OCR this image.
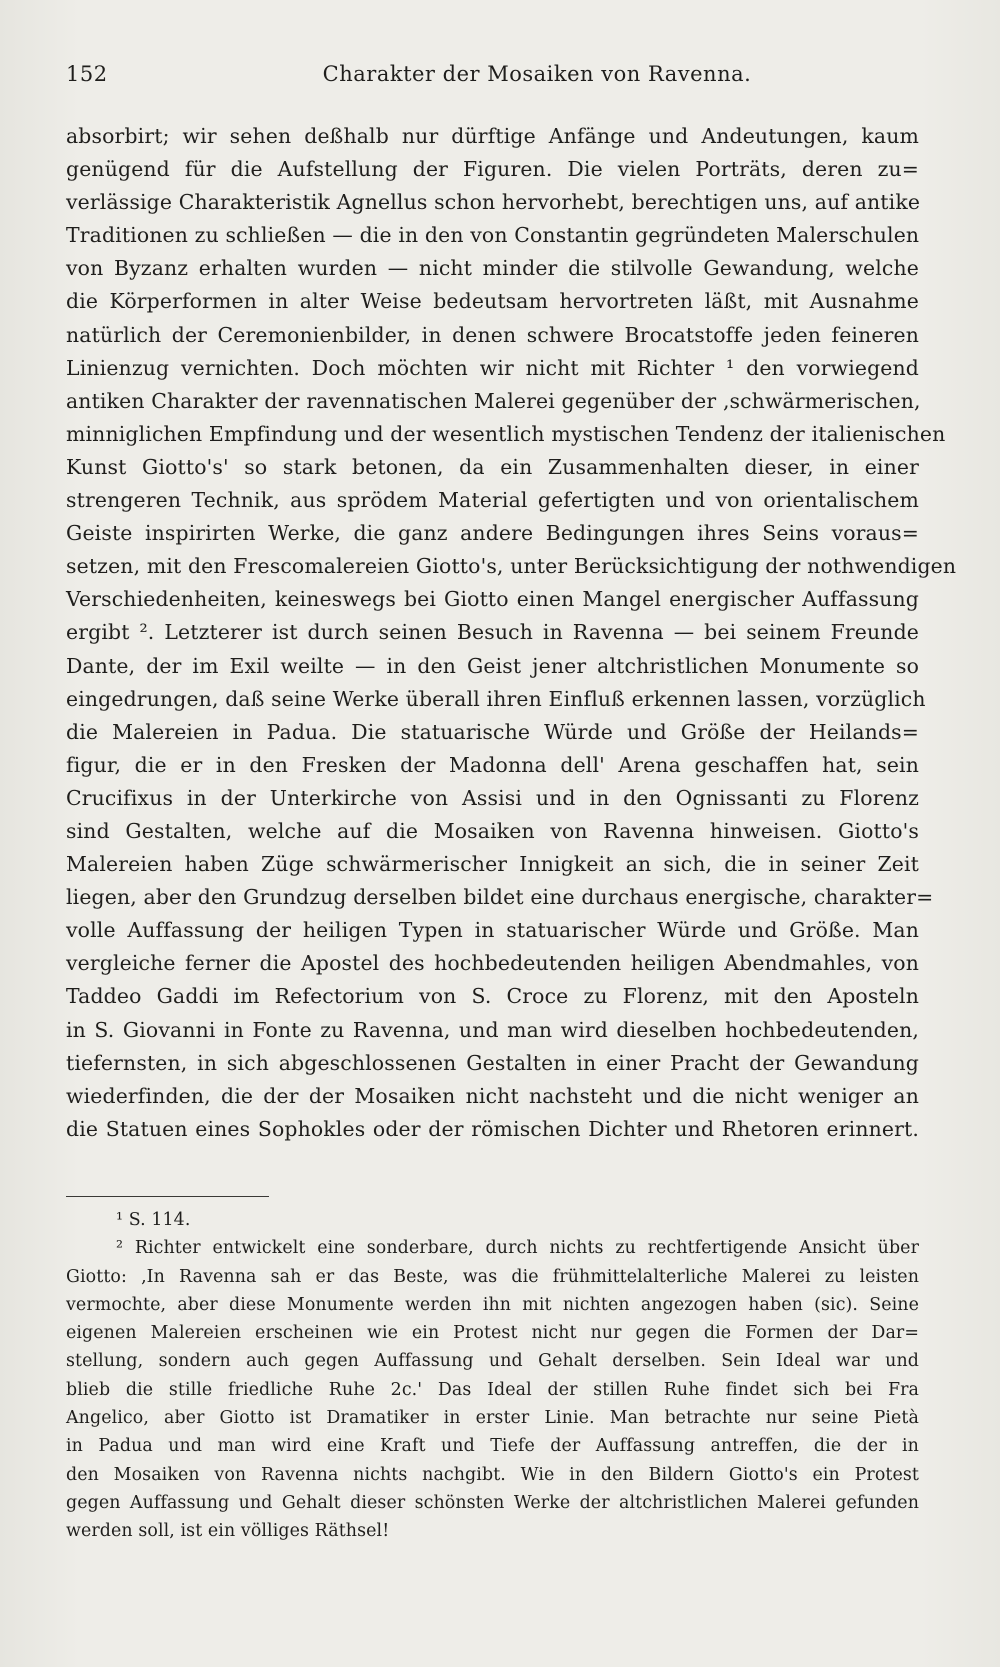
152	Charakter der Mosaiken von Ravenna.
absorbirt; wir sehen deßhalb nur dürftige Anfänge und Andeutungen, kaum
genügend für die Aufstellung der Figuren. Die vielen Porträts, deren zu=
verlässige Charakteristik Agnellus schon hervorhebt, berechtigen uns, auf antike
Traditionen zu schließen — die in den von Constantin gegründeten Malerschulen
von Byzanz erhalten wurden — nicht minder die stilvolle Gewandung, welche
die Körperformen in alter Weise bedeutsam hervortreten läßt, mit Ausnahme
natürlich der Ceremonienbilder, in denen schwere Brocatstoffe jeden feineren
Linienzug vernichten. Doch möchten wir nicht mit Richter ¹ den vorwiegend
antiken Charakter der ravennatischen Malerei gegenüber der ‚schwärmerischen,
minniglichen Empfindung und der wesentlich mystischen Tendenz der italienischen
Kunst Giotto's' so stark betonen, da ein Zusammenhalten dieser, in einer
strengeren Technik, aus sprödem Material gefertigten und von orientalischem
Geiste inspirirten Werke, die ganz andere Bedingungen ihres Seins voraus=
setzen, mit den Frescomalereien Giotto's, unter Berücksichtigung der nothwendigen
Verschiedenheiten, keineswegs bei Giotto einen Mangel energischer Auffassung
ergibt ². Letzterer ist durch seinen Besuch in Ravenna — bei seinem Freunde
Dante, der im Exil weilte — in den Geist jener altchristlichen Monumente so
eingedrungen, daß seine Werke überall ihren Einfluß erkennen lassen, vorzüglich
die Malereien in Padua. Die statuarische Würde und Größe der Heilands=
figur, die er in den Fresken der Madonna dell' Arena geschaffen hat, sein
Crucifixus in der Unterkirche von Assisi und in den Ognissanti zu Florenz
sind Gestalten, welche auf die Mosaiken von Ravenna hinweisen. Giotto's
Malereien haben Züge schwärmerischer Innigkeit an sich, die in seiner Zeit
liegen, aber den Grundzug derselben bildet eine durchaus energische, charakter=
volle Auffassung der heiligen Typen in statuarischer Würde und Größe. Man
vergleiche ferner die Apostel des hochbedeutenden heiligen Abendmahles, von
Taddeo Gaddi im Refectorium von S. Croce zu Florenz, mit den Aposteln
in S. Giovanni in Fonte zu Ravenna, und man wird dieselben hochbedeutenden,
tiefernsten, in sich abgeschlossenen Gestalten in einer Pracht der Gewandung
wiederfinden, die der der Mosaiken nicht nachsteht und die nicht weniger an
die Statuen eines Sophokles oder der römischen Dichter und Rhetoren erinnert.
¹ S. 114.
² Richter entwickelt eine sonderbare, durch nichts zu rechtfertigende Ansicht über
Giotto: ‚In Ravenna sah er das Beste, was die frühmittelalterliche Malerei zu leisten
vermochte, aber diese Monumente werden ihn mit nichten angezogen haben (sic). Seine
eigenen Malereien erscheinen wie ein Protest nicht nur gegen die Formen der Dar=
stellung, sondern auch gegen Auffassung und Gehalt derselben. Sein Ideal war und
blieb die stille friedliche Ruhe 2c.' Das Ideal der stillen Ruhe findet sich bei Fra
Angelico, aber Giotto ist Dramatiker in erster Linie. Man betrachte nur seine Pietà
in Padua und man wird eine Kraft und Tiefe der Auffassung antreffen, die der in
den Mosaiken von Ravenna nichts nachgibt. Wie in den Bildern Giotto's ein Protest
gegen Auffassung und Gehalt dieser schönsten Werke der altchristlichen Malerei gefunden
werden soll, ist ein völliges Räthsel!
